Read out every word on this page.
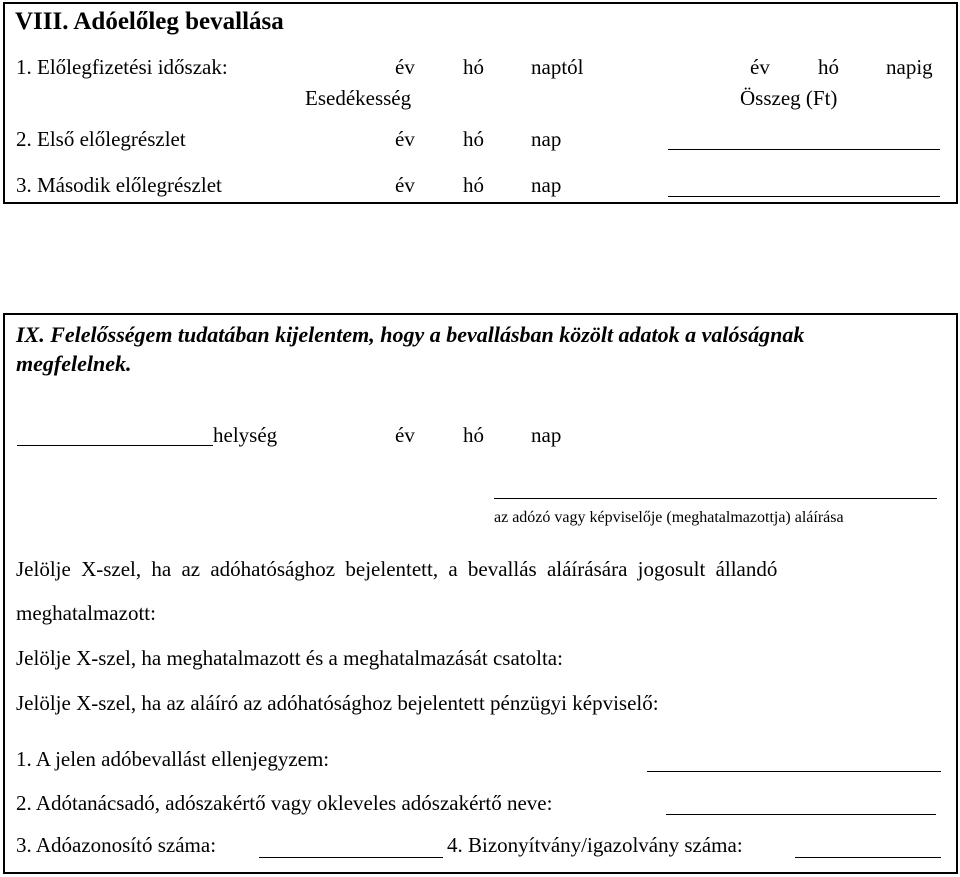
VIII. Adóelőleg bevallása
1. Előlegfizetési időszak:	év hó naptól	év hó napig
Esedékesség	Összeg (Ft)
2. Első előlegrészlet	év hó nap
3. Második előlegrészlet	év hó nap
IX. Felelősségem tudatában kijelentem, hogy a bevallásban közölt adatok a valóságnak
megfelelnek.
helység	év hó nap
az adózó vagy képviselője (meghatalmazottja) aláírása
Jelölje X-szel, ha az adóhatósághoz bejelentett, a bevallás aláírására jogosult állandó
meghatalmazott:
Jelölje X-szel, ha meghatalmazott és a meghatalmazását csatolta:
Jelölje X-szel, ha az aláíró az adóhatósághoz bejelentett pénzügyi képviselő:
1. A jelen adóbevallást ellenjegyzem:
2. Adótanácsadó, adószakértő vagy okleveles adószakértő neve:
3. Adóazonosító száma:	4. Bizonyítvány/igazolvány száma:
